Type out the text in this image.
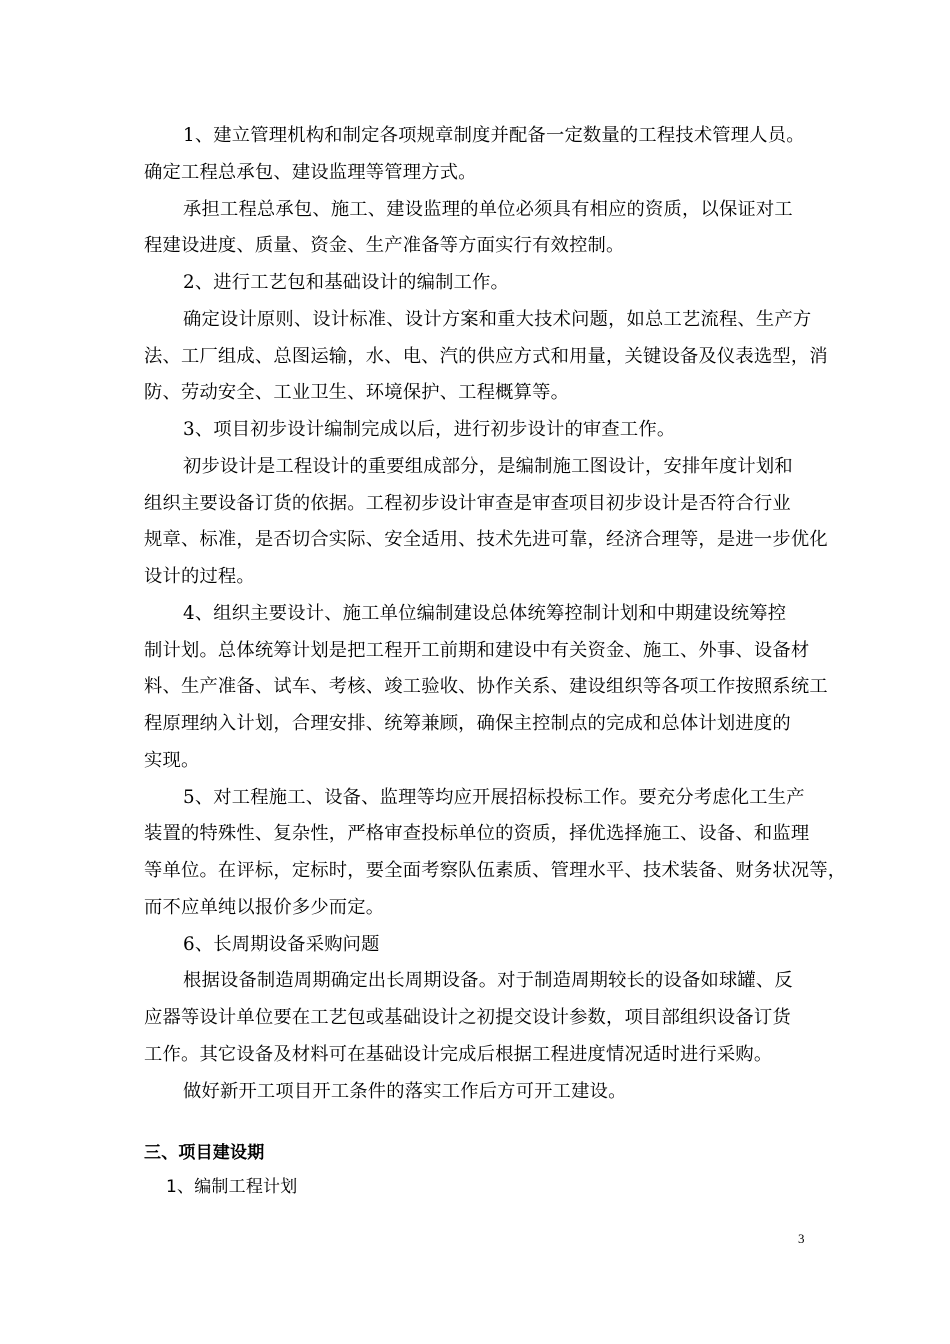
1、建立管理机构和制定各项规章制度并配备一定数量的工程技术管理人员。

确定工程总承包、建设监理等管理方式。

承担工程总承包、施工、建设监理的单位必须具有相应的资质，以保证对工

程建设进度、质量、资金、生产准备等方面实行有效控制。

2、进行工艺包和基础设计的编制工作。

确定设计原则、设计标准、设计方案和重大技术问题，如总工艺流程、生产方

法、工厂组成、总图运输，水、电、汽的供应方式和用量，关键设备及仪表选型，消

防、劳动安全、工业卫生、环境保护、工程概算等。

3、项目初步设计编制完成以后，进行初步设计的审查工作。

初步设计是工程设计的重要组成部分，是编制施工图设计，安排年度计划和

组织主要设备订货的依据。工程初步设计审查是审查项目初步设计是否符合行业

规章、标准，是否切合实际、安全适用、技术先进可靠，经济合理等，是进一步优化

设计的过程。

4、组织主要设计、施工单位编制建设总体统筹控制计划和中期建设统筹控

制计划。总体统筹计划是把工程开工前期和建设中有关资金、施工、外事、设备材

料、生产准备、试车、考核、竣工验收、协作关系、建设组织等各项工作按照系统工

程原理纳入计划，合理安排、统筹兼顾，确保主控制点的完成和总体计划进度的

实现。

5、对工程施工、设备、监理等均应开展招标投标工作。要充分考虑化工生产

装置的特殊性、复杂性，严格审查投标单位的资质，择优选择施工、设备、和监理

等单位。在评标，定标时，要全面考察队伍素质、管理水平、技术装备、财务状况等，

而不应单纯以报价多少而定。

6、长周期设备采购问题

根据设备制造周期确定出长周期设备。对于制造周期较长的设备如球罐、反

应器等设计单位要在工艺包或基础设计之初提交设计参数，项目部组织设备订货

工作。其它设备及材料可在基础设计完成后根据工程进度情况适时进行采购。

做好新开工项目开工条件的落实工作后方可开工建设。

三、项目建设期

1、编制工程计划

3
